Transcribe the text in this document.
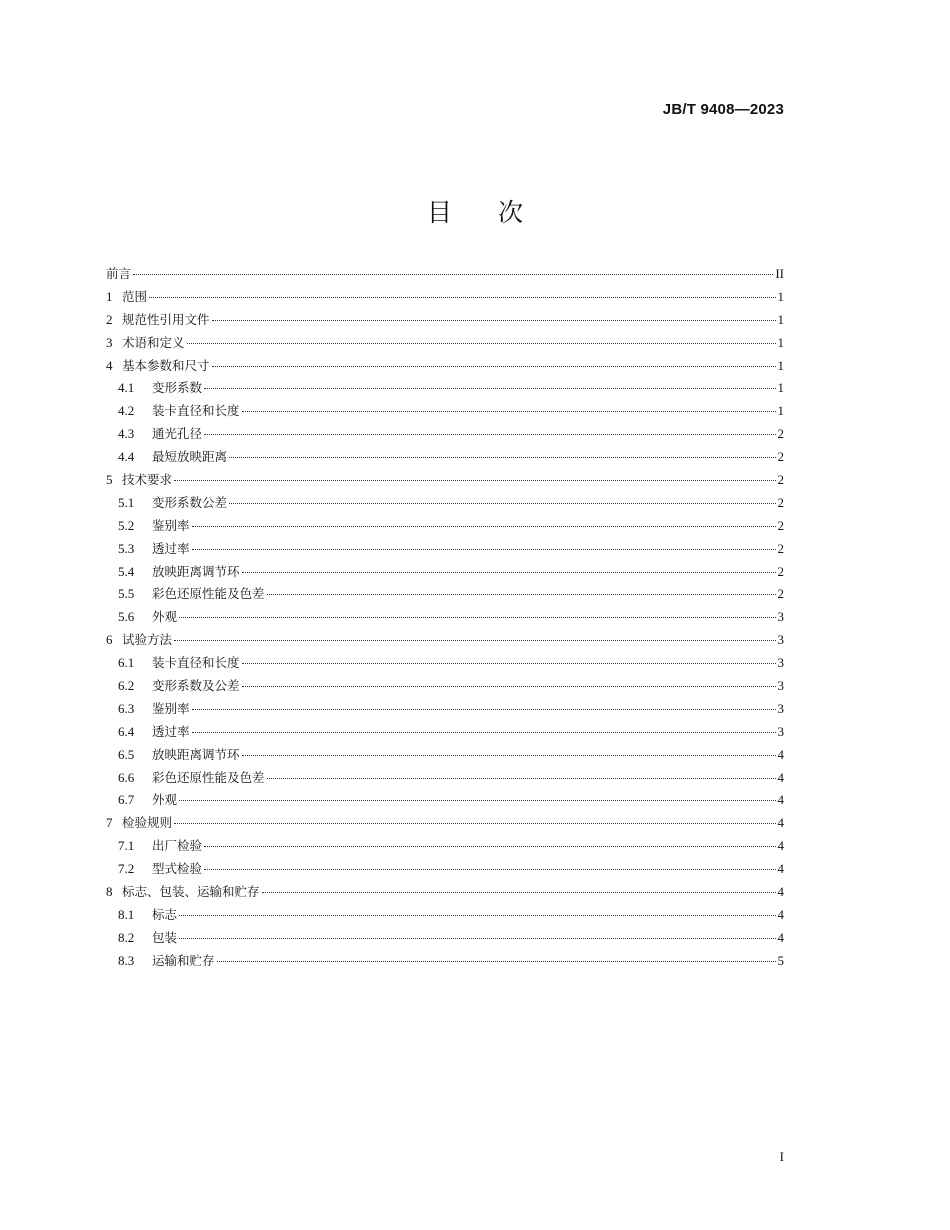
JB/T 9408—2023
目 次
前言	II
1 范围	1
2 规范性引用文件	1
3 术语和定义	1
4 基本参数和尺寸	1
4.1	变形系数	1
4.2	装卡直径和长度	1
4.3	通光孔径	2
4.4	最短放映距离	2
5 技术要求	2
5.1	变形系数公差	2
5.2	鉴别率	2
5.3	透过率	2
5.4	放映距离调节环	2
5.5	彩色还原性能及色差	2
5.6	外观	3
6 试验方法	3
6.1	装卡直径和长度	3
6.2	变形系数及公差	3
6.3	鉴别率	3
6.4	透过率	3
6.5	放映距离调节环	4
6.6	彩色还原性能及色差	4
6.7	外观	4
7 检验规则	4
7.1	出厂检验	4
7.2	型式检验	4
8 标志、包装、运输和贮存	4
8.1	标志	4
8.2	包装	4
8.3	运输和贮存	5
I
